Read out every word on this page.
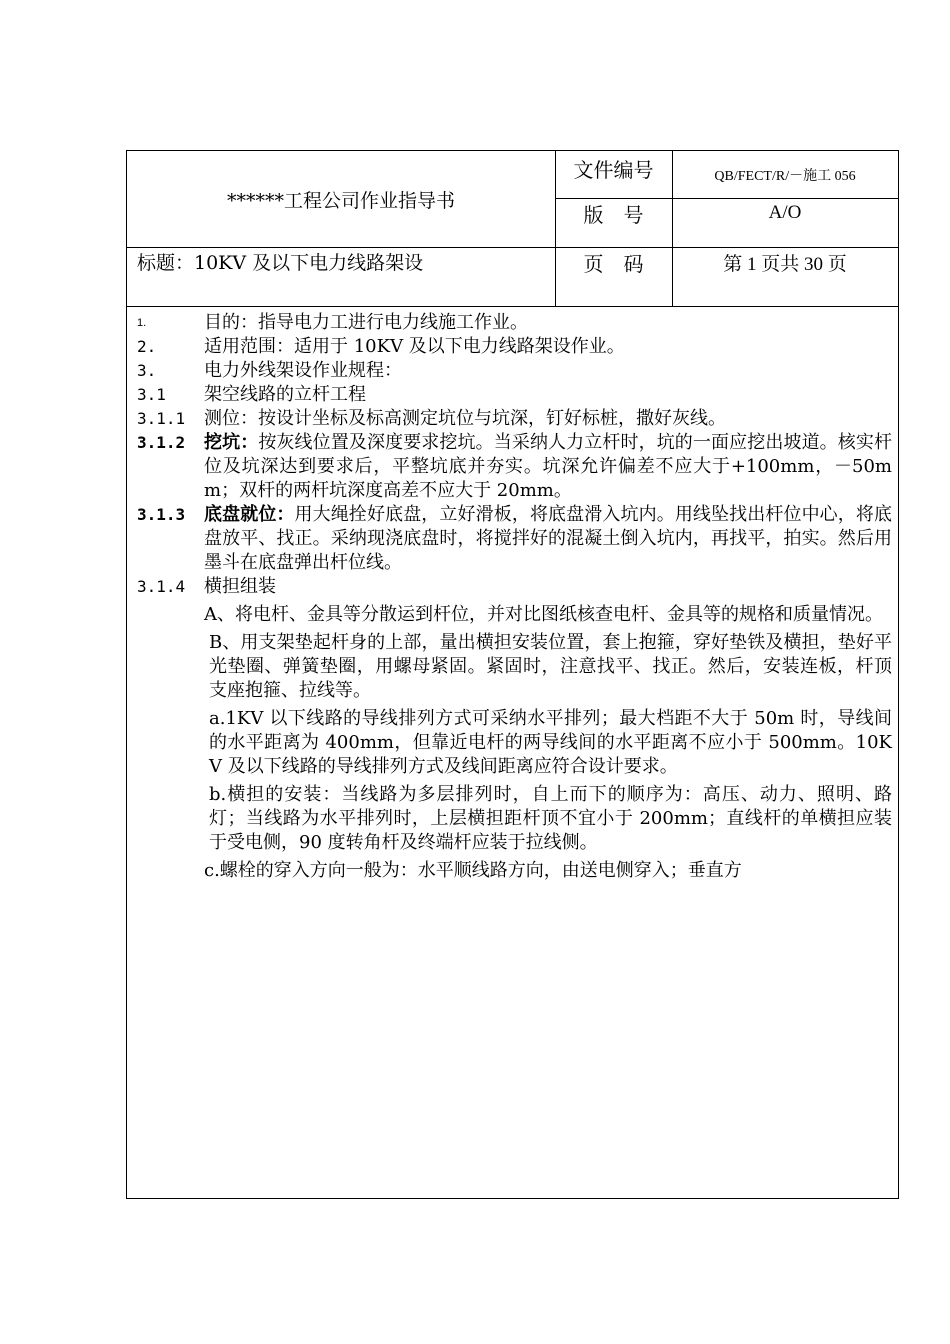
******工程公司作业指导书
文件编号	QB/FECT/R/－施工 056
版　号	A/O
标题：10KV 及以下电力线路架设	页　码	第 1 页共 30 页
1.	目的：指导电力工进行电力线施工作业。
2.	适用范围：适用于 10KV 及以下电力线路架设作业。
3.	电力外线架设作业规程：
3.1	架空线路的立杆工程
3.1.1	测位：按设计坐标及标高测定坑位与坑深，钉好标桩，撒好灰线。
3.1.2	挖坑：按灰线位置及深度要求挖坑。当采纳人力立杆时，坑的一面应挖出坡道。核实杆位及坑深达到要求后，平整坑底并夯实。坑深允许偏差不应大于+100mm，－50mm；双杆的两杆坑深度高差不应大于 20mm。
3.1.3	底盘就位：用大绳拴好底盘，立好滑板，将底盘滑入坑内。用线坠找出杆位中心，将底盘放平、找正。采纳现浇底盘时，将搅拌好的混凝土倒入坑内，再找平，拍实。然后用墨斗在底盘弹出杆位线。
3.1.4	横担组装
A、将电杆、金具等分散运到杆位，并对比图纸核查电杆、金具等的规格和质量情况。
B、用支架垫起杆身的上部，量出横担安装位置，套上抱箍，穿好垫铁及横担，垫好平光垫圈、弹簧垫圈，用螺母紧固。紧固时，注意找平、找正。然后，安装连板，杆顶支座抱箍、拉线等。
a.1KV 以下线路的导线排列方式可采纳水平排列；最大档距不大于 50m 时，导线间的水平距离为 400mm，但靠近电杆的两导线间的水平距离不应小于 500mm。10KV 及以下线路的导线排列方式及线间距离应符合设计要求。
b.横担的安装：当线路为多层排列时，自上而下的顺序为：高压、动力、照明、路灯；当线路为水平排列时，上层横担距杆顶不宜小于 200mm；直线杆的单横担应装于受电侧，90 度转角杆及终端杆应装于拉线侧。
c.螺栓的穿入方向一般为：水平顺线路方向，由送电侧穿入；垂直方
